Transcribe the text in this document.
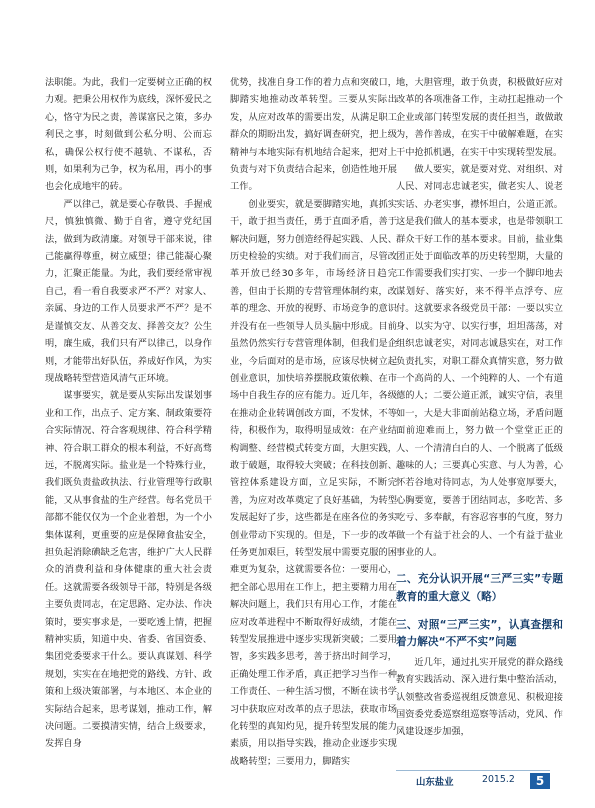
法职能。为此，我们一定要树立正确的权力观。把秉公用权作为底线，深怀爱民之心，恪守为民之责，善谋富民之策，多办利民之事，时刻做到公私分明、公而忘私，确保公权行使不越轨、不谋私，否则，如果利为己争，权为私用，再小的事也会化成地牢的砖。

严以律己，就是要心存敬畏、手握戒尺，慎独慎微、勤于自省，遵守党纪国法，做到为政清廉。对领导干部来说，律己能赢得尊重，树立威望；律己能凝心聚力，汇聚正能量。为此，我们要经常审视自己，看一看自我要求严不严？对家人、亲属、身边的工作人员要求严不严？是不是谨慎交友、从善交友、择善交友？公生明，廉生威，我们只有严以律己，以身作则，才能带出好队伍，养成好作风，为实现战略转型营造风清气正环境。

谋事要实，就是要从实际出发谋划事业和工作，出点子、定方案、制政策要符合实际情况、符合客观规律、符合科学精神、符合职工群众的根本利益，不好高骛远，不脱离实际。盐业是一个特殊行业，我们既负责盐政执法、行业管理等行政职能，又从事食盐的生产经营。每名党员干部都不能仅仅为一个企业着想，为一个小集体谋利，更重要的应是保障食盐安全，担负起消除碘缺乏危害，维护广大人民群众的消费利益和身体健康的重大社会责任。这就需要各级领导干部，特别是各级主要负责同志，在定思路、定办法、作决策时，要实事求是，一要吃透上情，把握精神实质，知道中央、省委、省国资委、集团党委要求干什么。要认真谋划、科学规划，实实在在地把党的路线、方针、政策和上级决策部署，与本地区、本企业的实际结合起来，思考谋划，推动工作，解决问题。二要摸清实情，结合上级要求，发挥自身

优势，找准自身工作的着力点和突破口，脚踏实地推动改革转型。三要从实际出发，从应对改革的需要出发，从满足职工群众的期盼出发，搞好调查研究，把上级精神与本地实际有机地结合起来，把对上负责与对下负责结合起来，创造性地开展工作。

创业要实，就是要脚踏实地，真抓实干，敢于担当责任，勇于直面矛盾，善于解决问题，努力创造经得起实践、人民、历史检验的实绩。对于我们而言，尽管改革开放已经30多年，市场经济日趋完善，但由于长期的专营管理体制约束，改革的理念、开放的视野、市场竞争的意识并没有在一些领导人员头脑中形成。目前虽然仍然实行专营管理体制，但我们是企业，今后面对的是市场，应该尽快树立起创业意识，加快培养摆脱政策依赖、在市场中自我生存的应有能力。近几年，各级在推动企业转调创改方面，不发怵，不等待，积极作为，取得明显成效：在产业结构调整、经营模式转变方面，大胆实践，敢于破题，取得较大突破；在科技创新、管控体系建设方面，立足实际，不断完善，为应对改革奠定了良好基础，为转型发展起好了步，这些都是在座各位的务实创业带动下实现的。但是，下一步的改革任务更加艰巨，转型发展中需要克服的困难更为复杂，这就需要各位：一要用心，把全部心思用在工作上，把主要精力用在解决问题上，我们只有用心工作，才能在应对改革进程中不断取得好成绩，才能在转型发展推进中逐步实现新突破；二要用智，多实践多思考，善于挤出时间学习，正确处理工作矛盾，真正把学习当作一种工作责任、一种生活习惯，不断在读书学习中获取应对改革的点子思法，获取市场化转型的真知灼见，提升转型发展的能力素质，用以指导实践，推动企业逐步实现战略转型；三要用力，脚踏实

地，大胆管理，敢于负责，积极做好应对改革的各项准备工作，主动扛起推动一个企业或部门转型发展的责任担当，敢做敢为，善作善成，在实干中破解难题，在实干中抢抓机遇，在实干中实现转型发展。

做人要实，就是要对党、对组织、对人民、对同志忠诚老实，做老实人、说老实话、办老实事，襟怀坦白，公道正派。这是我们做人的基本要求，也是带领职工群众干好工作的基本要求。目前，盐业集团正处于面临改革的历史转型期，大量的工作需要我们实打实、一步一个脚印地去谋划好、落实好，来不得半点浮夸、应付。这就要求各级党员干部：一要以实立身、以实为守、以实行事，坦坦荡荡，对组织忠诚老实，对同志诚恳实在，对工作负责扎实，对职工群众真情实意，努力做一个高尚的人、一个纯粹的人、一个有道德的人；二要公道正派，诚实守信，表里如一，大是大非面前站稳立场，矛盾问题面前迎难而上，努力做一个堂堂正正的人、一个清清白白的人、一个脱离了低级趣味的人；三要真心实意、与人为善，心怀若谷地对待同志，为人处事宽厚要大，心胸要宽，要善于团结同志，多吃苦、多吃亏、多奉献，有容忍容事的气度，努力做一个有益于社会的人、一个有益于盐业事业的人。

二、充分认识开展“三严三实”专题教育的重大意义（略）

三、对照“三严三实”，认真查摆和着力解决“不严不实”问题

近几年，通过扎实开展党的群众路线教育实践活动、深入进行集中整治活动，认领整改省委巡视组反馈意见、积极迎接国资委党委巡察组巡察等活动，党风、作风建设逐步加强，

山东盐业	2015.2	5
